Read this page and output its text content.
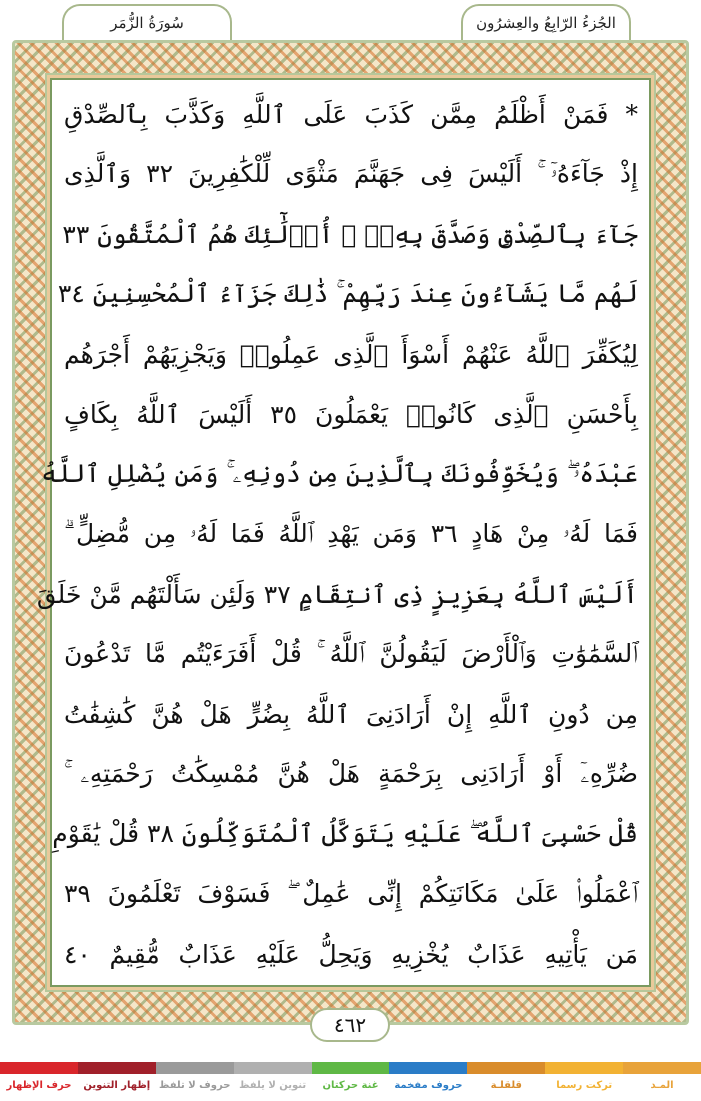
الجُزءُ الرّابِعُ والعِشرُون
سُورَةُ الزُّمَر
* فَمَنْ أَظْلَمُ مِمَّن كَذَبَ عَلَى ٱللَّهِ وَكَذَّبَ بِٱلصِّدْقِ
إِذْ جَآءَهُۥٓ ۚ أَلَيْسَ فِى جَهَنَّمَ مَثْوًى لِّلْكَٰفِرِينَ ٣٢ وَٱلَّذِى
جَآءَ بِٱلصِّدْقِ وَصَدَّقَ بِهِۦٓ ۙ أُو۟لَٰٓئِكَ هُمُ ٱلْمُتَّقُونَ ٣٣
لَهُم مَّا يَشَآءُونَ عِندَ رَبِّهِمْ ۚ ذَٰلِكَ جَزَآءُ ٱلْمُحْسِنِينَ ٣٤
لِيُكَفِّرَ ٱللَّهُ عَنْهُمْ أَسْوَأَ ٱلَّذِى عَمِلُوا۟ وَيَجْزِيَهُمْ أَجْرَهُم
بِأَحْسَنِ ٱلَّذِى كَانُوا۟ يَعْمَلُونَ ٣٥ أَلَيْسَ ٱللَّهُ بِكَافٍ
عَبْدَهُۥ ۖ وَيُخَوِّفُونَكَ بِٱلَّذِينَ مِن دُونِهِۦ ۚ وَمَن يُضْلِلِ ٱللَّهُ
فَمَا لَهُۥ مِنْ هَادٍ ٣٦ وَمَن يَهْدِ ٱللَّهُ فَمَا لَهُۥ مِن مُّضِلٍّ ۗ
أَلَيْسَ ٱللَّهُ بِعَزِيزٍ ذِى ٱنتِقَامٍ ٣٧ وَلَئِن سَأَلْتَهُم مَّنْ خَلَقَ
ٱلسَّمَٰوَٰتِ وَٱلْأَرْضَ لَيَقُولُنَّ ٱللَّهُ ۚ قُلْ أَفَرَءَيْتُم مَّا تَدْعُونَ
مِن دُونِ ٱللَّهِ إِنْ أَرَادَنِىَ ٱللَّهُ بِضُرٍّ هَلْ هُنَّ كَٰشِفَٰتُ
ضُرِّهِۦٓ أَوْ أَرَادَنِى بِرَحْمَةٍ هَلْ هُنَّ مُمْسِكَٰتُ رَحْمَتِهِۦ ۚ
قُلْ حَسْبِىَ ٱللَّهُ ۖ عَلَيْهِ يَتَوَكَّلُ ٱلْمُتَوَكِّلُونَ ٣٨ قُلْ يَٰقَوْمِ
ٱعْمَلُوا۟ عَلَىٰ مَكَانَتِكُمْ إِنِّى عَٰمِلٌ ۖ فَسَوْفَ تَعْلَمُونَ ٣٩
مَن يَأْتِيهِ عَذَابٌ يُخْزِيهِ وَيَحِلُّ عَلَيْهِ عَذَابٌ مُّقِيمٌ ٤٠
٤٦٢
المـد
تركت رسما
قلقلـة
حروف مفخمة
غنة حركتان
تنوين لا يلفظ
حروف لا تلفظ
إظهار التنوين
حرف الإظهار
